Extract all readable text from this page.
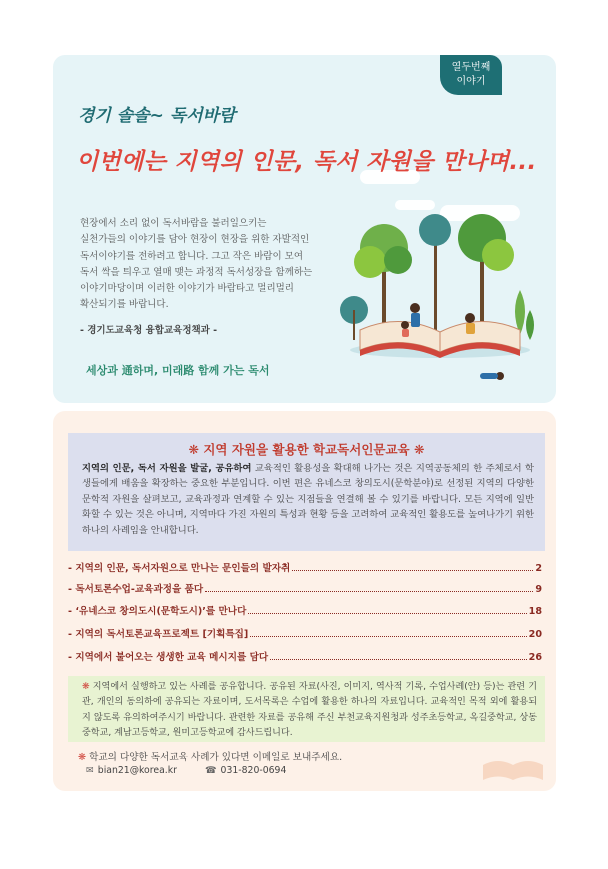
열두번째
이야기
경기 솔솔~ 독서바람
이번에는 지역의 인문, 독서 자원을 만나며...

현장에서 소리 없이 독서바람을 불러일으키는

실천가들의 이야기를 담아 현장이 현장을 위한 자발적인

독서이야기를 전하려고 합니다. 그고 작은 바람이 모여

독서 싹을 틔우고 열매 맺는 과정적 독서성장을 함께하는

이야기마당이며 이러한 이야기가 바람타고 멀리멀리

확산되기를 바랍니다.

- 경기도교육청 융합교육정책과 -
세상과 通하며, 미래路 함께 가는 독서
❋ 지역 자원을 활용한 학교독서인문교육 ❋
지역의 인문, 독서 자원을 발굴, 공유하여 교육적인 활용성을 확대해 나가는 것은 지역공동체의 한 주체로서 학생들에게 배움을 확장하는 중요한 부분입니다. 이번 편은 유네스코 창의도시(문학분야)로 선정된 지역의 다양한 문학적 자원을 살펴보고, 교육과정과 연계할 수 있는 지점들을 연결해 볼 수 있기를 바랍니다. 모든 지역에 일반화할 수 있는 것은 아니며, 지역마다 가진 자원의 특성과 현황 등을 고려하여 교육적인 활용도를 높여나가기 위한 하나의 사례임을 안내합니다.
- 지역의 인문, 독서자원으로 만나는 문인들의 발자취	2
- 독서토론수업-교육과정을 품다	9
- ‘유네스코 창의도시(문학도시)’를 만나다	18
- 지역의 독서토론교육프로젝트 [기획특집]	20
- 지역에서 불어오는 생생한 교육 메시지를 담다	26
❋ 지역에서 실행하고 있는 사례를 공유합니다. 공유된 자료(사진, 이미지, 역사적 기록, 수업사례(안) 등)는 관련 기관, 개인의 동의하에 공유되는 자료이며, 도서목록은 수업에 활용한 하나의 자료입니다. 교육적인 목적 외에 활용되지 않도록 유의하여주시기 바랍니다. 관련한 자료를 공유해 주신 부천교육지원청과 성주초등학교, 옥길중학교, 상동중학교, 계남고등학교, 원미고등학교에 감사드립니다.
❋ 학교의 다양한 독서교육 사례가 있다면 이메일로 보내주세요.
✉ bian21@korea.kr	☎ 031-820-0694
